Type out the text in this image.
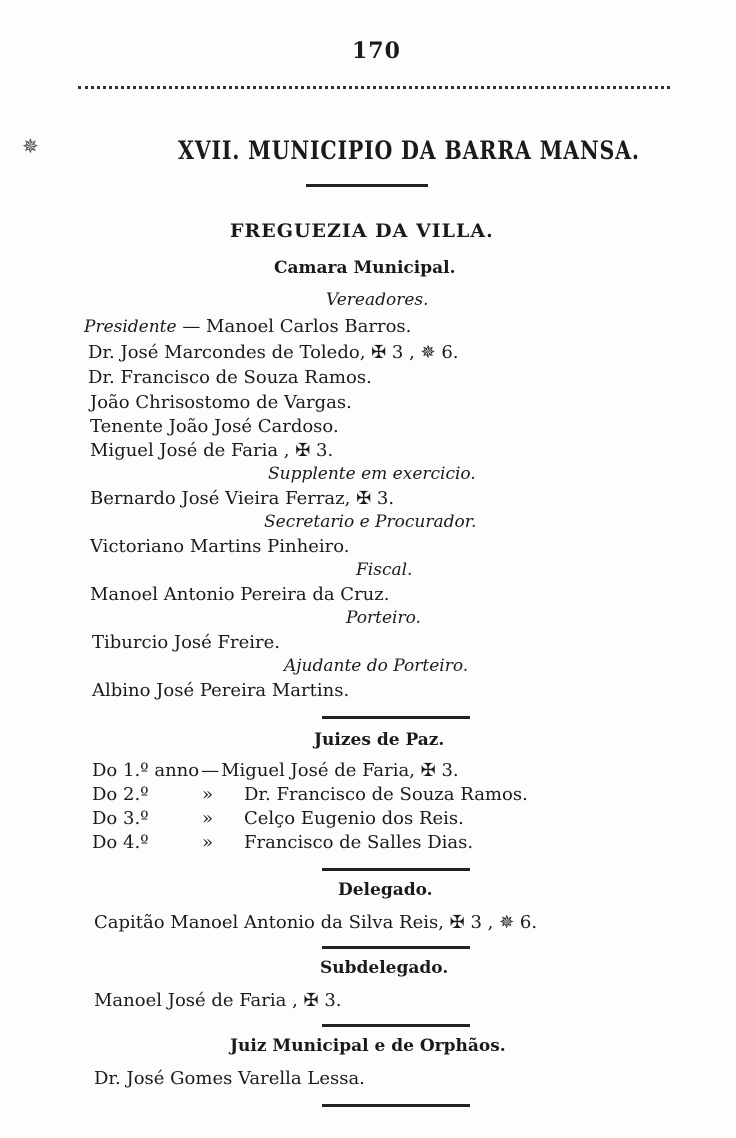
170
✵	XVII. MUNICIPIO DA BARRA MANSA.
FREGUEZIA DA VILLA.
Camara Municipal.
Vereadores.
Presidente — Manoel Carlos Barros.
Dr. José Marcondes de Toledo, ✠ 3 , ✵ 6.
Dr. Francisco de Souza Ramos.
João Chrisostomo de Vargas.
Tenente João José Cardoso.
Miguel José de Faria , ✠ 3.
Supplente em exercicio.
Bernardo José Vieira Ferraz, ✠ 3.
Secretario e Procurador.
Victoriano Martins Pinheiro.
Fiscal.
Manoel Antonio Pereira da Cruz.
Porteiro.
Tiburcio José Freire.
Ajudante do Porteiro.
Albino José Pereira Martins.
Juizes de Paz.
Do 1.º anno — Miguel José de Faria, ✠ 3.
Do 2.º	» Dr. Francisco de Souza Ramos.
Do 3.º	» Celço Eugenio dos Reis.
Do 4.º	» Francisco de Salles Dias.
Delegado.
Capitão Manoel Antonio da Silva Reis, ✠ 3 , ✵ 6.
Subdelegado.
Manoel José de Faria , ✠ 3.
Juiz Municipal e de Orphãos.
Dr. José Gomes Varella Lessa.
